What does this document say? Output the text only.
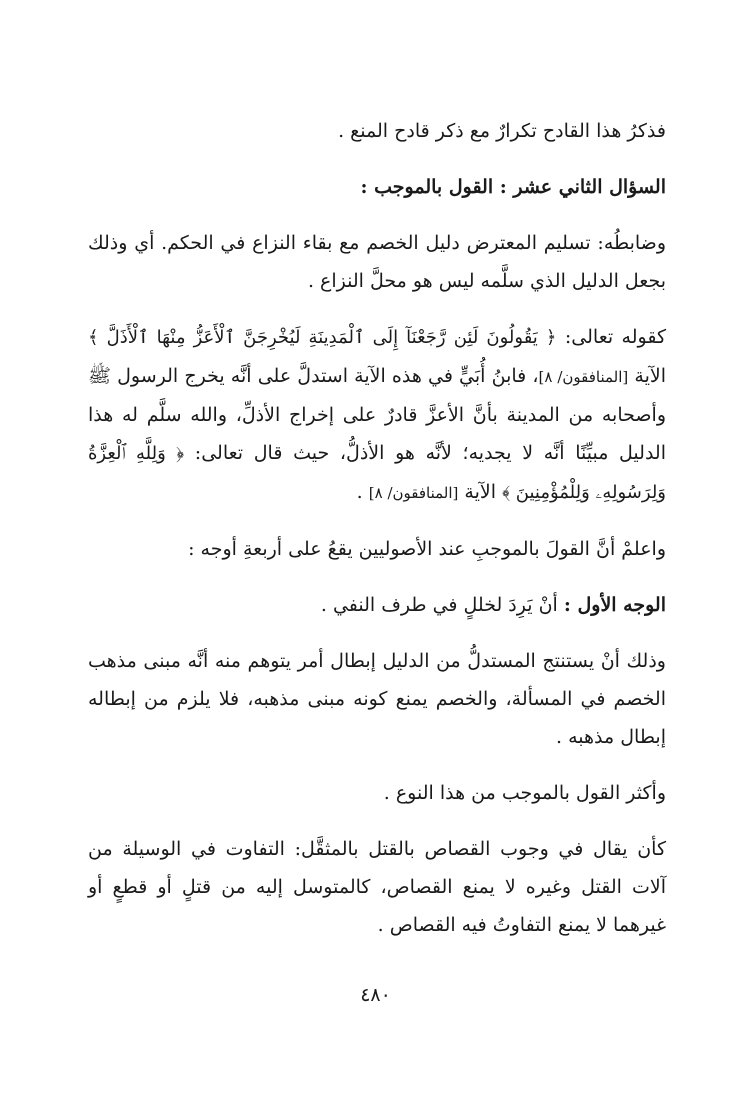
فذكرُ هذا القادح تكرارٌ مع ذكر قادح المنع .

السؤال الثاني عشر : القول بالموجب :

وضابطُه: تسليم المعترض دليل الخصم مع بقاء النزاع في الحكم. أي وذلك بجعل الدليل الذي سلَّمه ليس هو محلَّ النزاع .

كقوله تعالى: ﴿ يَقُولُونَ لَئِن رَّجَعْنَآ إِلَى ٱلْمَدِينَةِ لَيُخْرِجَنَّ ٱلْأَعَزُّ مِنْهَا ٱلْأَذَلَّ ﴾ الآية [المنافقون/ ٨]، فابنُ أُبَيٍّ في هذه الآية استدلَّ على أنَّه يخرج الرسول ﷺ وأصحابه من المدينة بأنَّ الأعزَّ قادرٌ على إخراج الأذلِّ، والله سلَّم له هذا الدليل مبيِّنًا أنَّه لا يجديه؛ لأنَّه هو الأذلُّ، حيث قال تعالى: ﴿ وَلِلَّهِ ٱلْعِزَّةُ وَلِرَسُولِهِۦ وَلِلْمُؤْمِنِينَ ﴾ الآية [المنافقون/ ٨] .

واعلمْ أنَّ القولَ بالموجبِ عند الأصوليين يقعُ على أربعةِ أوجه :

الوجه الأول : أنْ يَرِدَ لخللٍ في طرف النفي .

وذلك أنْ يستنتج المستدلُّ من الدليل إبطال أمر يتوهم منه أنَّه مبنى مذهب الخصم في المسألة، والخصم يمنع كونه مبنى مذهبه، فلا يلزم من إبطاله إبطال مذهبه .

وأكثر القول بالموجب من هذا النوع .

كأن يقال في وجوب القصاص بالقتل بالمثقَّل: التفاوت في الوسيلة من آلات القتل وغيره لا يمنع القصاص، كالمتوسل إليه من قتلٍ أو قطعٍ أو غيرهما لا يمنع التفاوتُ فيه القصاص .

٤٨٠
